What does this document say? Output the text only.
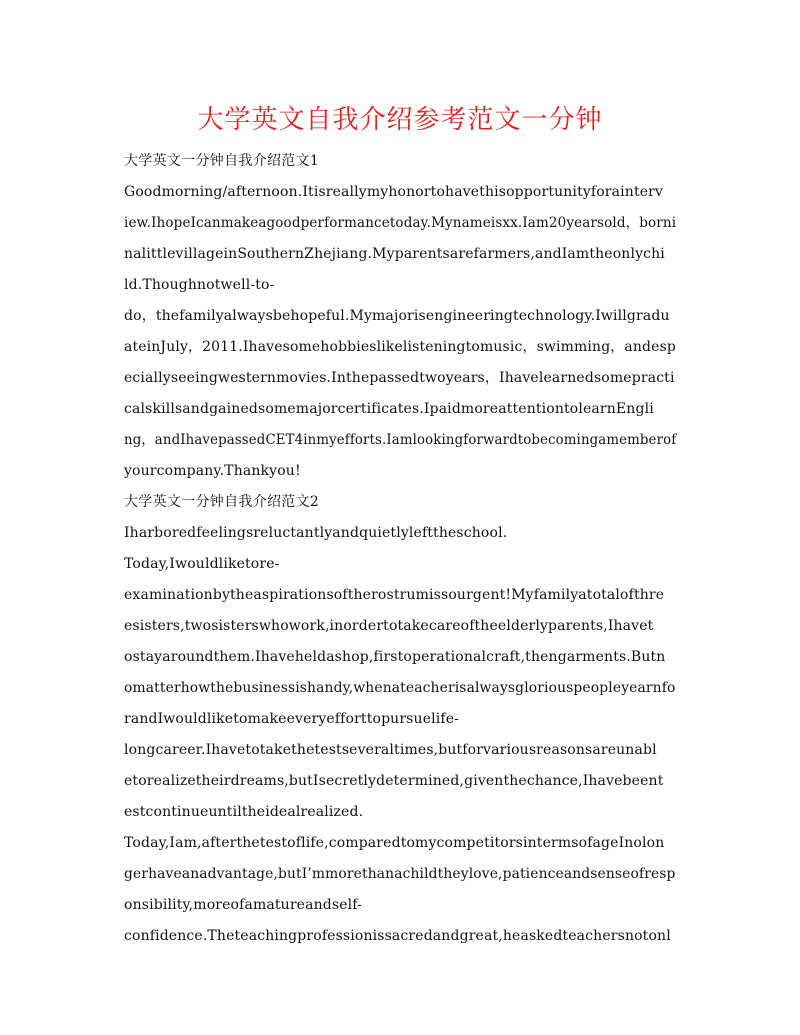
大学英文自我介绍参考范文一分钟

大学英文一分钟自我介绍范文1

Goodmorning/afternoon.Itisreallymyhonortohavethisopportunityforainterv

iew.IhopeIcanmakeagoodperformancetoday.Mynameisxx.Iam20yearsold，borni

nalittlevillageinSouthernZhejiang.Myparentsarefarmers,andIamtheonlychi

ld.Thoughnotwell-to-

do，thefamilyalwaysbehopeful.Mymajorisengineeringtechnology.Iwillgradu

ateinJuly，2011.Ihavesomehobbieslikelisteningtomusic，swimming，andesp

eciallyseeingwesternmovies.Inthepassedtwoyears，Ihavelearnedsomepracti

calskillsandgainedsomemajorcertificates.IpaidmoreattentiontolearnEngli

ng，andIhavepassedCET4inmyefforts.Iamlookingforwardtobecomingamemberof

yourcompany.Thankyou!

大学英文一分钟自我介绍范文2

Iharboredfeelingsreluctantlyandquietlylefttheschool.

Today,Iwouldliketore-

examinationbytheaspirationsoftherostrumissourgent!Myfamilyatotalofthre

esisters,twosisterswhowork,inordertotakecareoftheelderlyparents,Ihavet

ostayaroundthem.Ihaveheldashop,firstoperationalcraft,thengarments.Butn

omatterhowthebusinessishandy,whenateacherisalwaysgloriouspeopleyearnfo

randIwouldliketomakeeveryefforttopursuelife-

longcareer.Ihavetotakethetestseveraltimes,butforvariousreasonsareunabl

etorealizetheirdreams,butIsecretlydetermined,giventhechance,Ihavebeent

estcontinueuntiltheidealrealized.

Today,Iam,afterthetestoflife,comparedtomycompetitorsintermsofageInolon

gerhaveanadvantage,butI’mmorethanachildtheylove,patienceandsenseofresp

onsibility,moreofamatureandself-

confidence.Theteachingprofessionissacredandgreat,heaskedteachersnotonl
